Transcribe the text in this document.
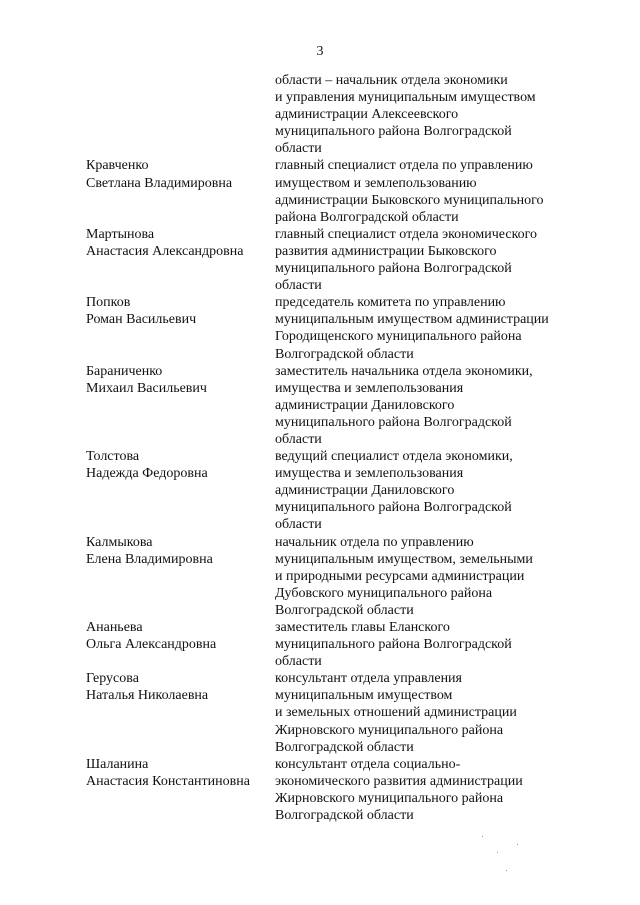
3
области – начальник отдела экономики
и управления муниципальным имуществом
администрации Алексеевского
муниципального района Волгоградской
области
Кравченко
Светлана Владимировна
главный специалист отдела по управлению
имуществом и землепользованию
администрации Быковского муниципального
района Волгоградской области
Мартынова
Анастасия Александровна
главный специалист отдела экономического
развития администрации Быковского
муниципального района Волгоградской
области
Попков
Роман Васильевич
председатель комитета по управлению
муниципальным имуществом администрации
Городищенского муниципального района
Волгоградской области
Бараниченко
Михаил Васильевич
заместитель начальника отдела экономики,
имущества и землепользования
администрации Даниловского
муниципального района Волгоградской
области
Толстова
Надежда Федоровна
ведущий специалист отдела экономики,
имущества и землепользования
администрации Даниловского
муниципального района Волгоградской
области
Калмыкова
Елена Владимировна
начальник отдела по управлению
муниципальным имуществом, земельными
и природными ресурсами администрации
Дубовского муниципального района
Волгоградской области
Ананьева
Ольга Александровна
заместитель главы Еланского
муниципального района Волгоградской
области
Герусова
Наталья Николаевна
консультант отдела управления
муниципальным имуществом
и земельных отношений администрации
Жирновского муниципального района
Волгоградской области
Шаланина
Анастасия Константиновна
консультант отдела социально-
экономического развития администрации
Жирновского муниципального района
Волгоградской области
